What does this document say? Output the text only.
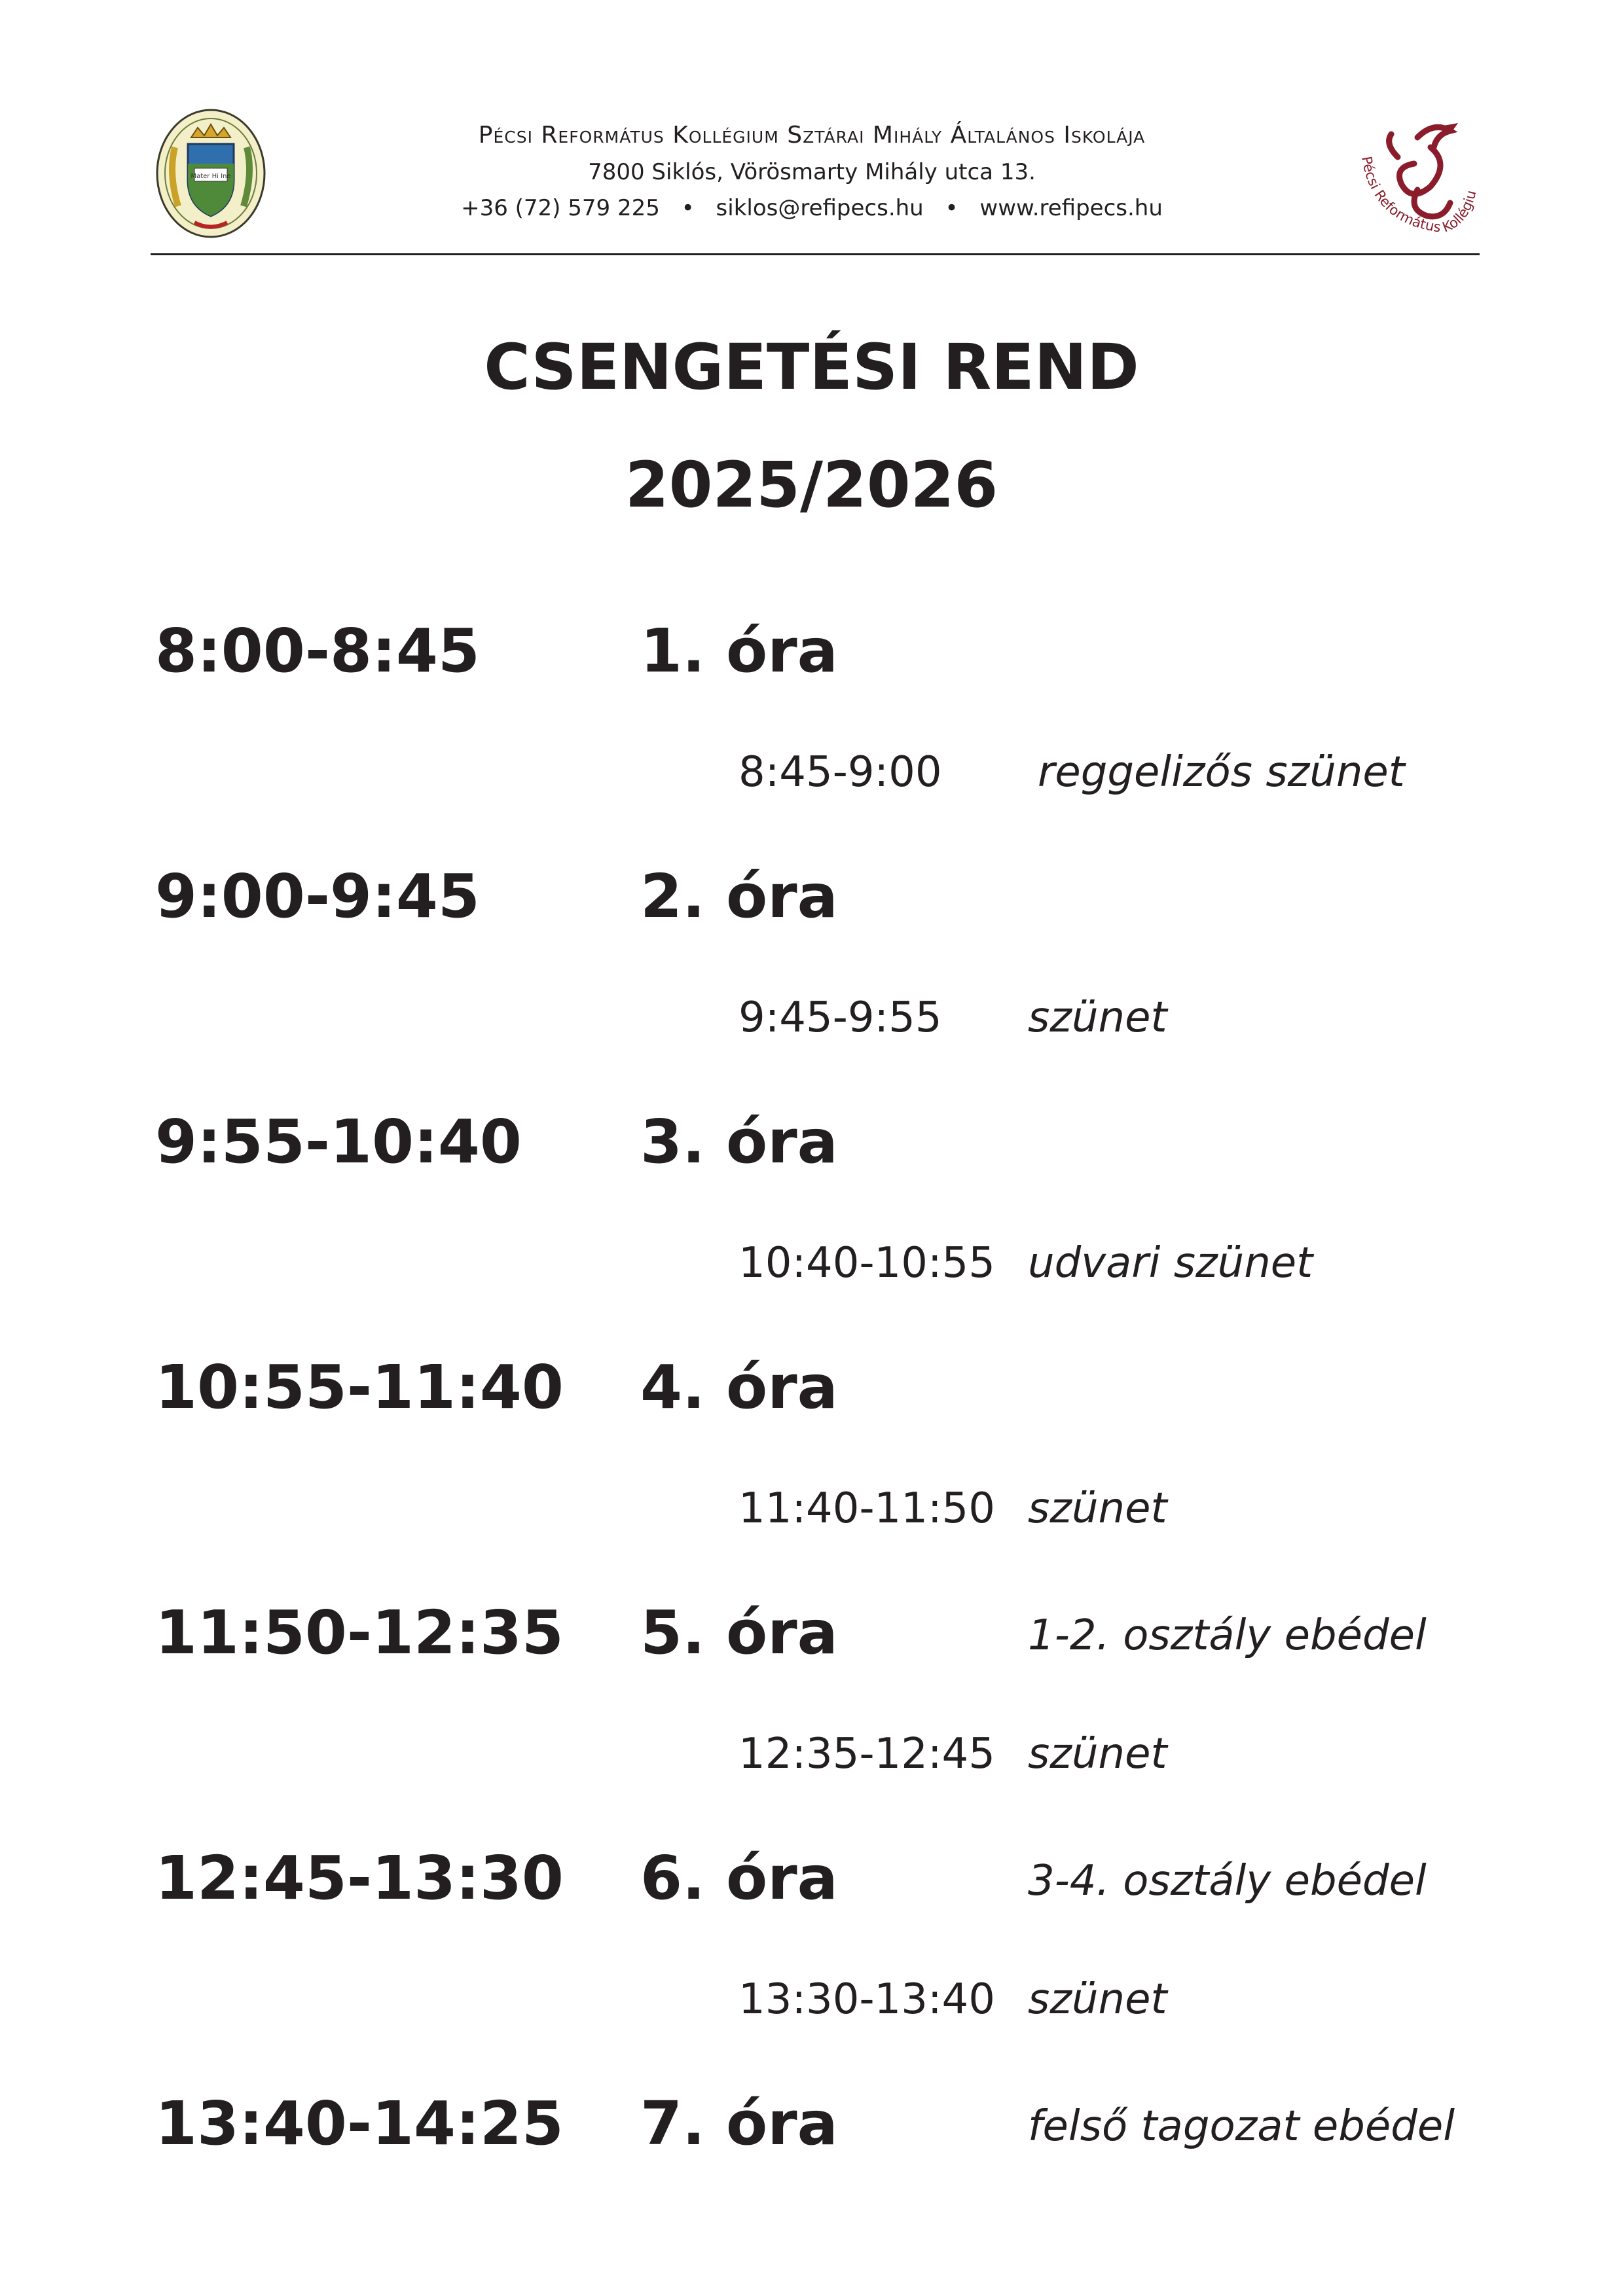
Mater Hi Ine
Pécsi Református Kollégium Sztárai Mihály Általános Iskolája
7800 Siklós, Vörösmarty Mihály utca 13.
+36 (72) 579 225 • siklos@refipecs.hu • www.refipecs.hu
Pécsi Református Kollégiu
CSENGETÉSI REND
2025/2026
8:00-8:45	1. óra
8:45-9:00 reggelizős szünet
9:00-9:45	2. óra
9:45-9:55 szünet
9:55-10:40 3. óra
10:40-10:55 udvari szünet
10:55-11:40 4. óra
11:40-11:50 szünet
11:50-12:35 5. óra	1-2. osztály ebédel
12:35-12:45 szünet
12:45-13:30 6. óra	3-4. osztály ebédel
13:30-13:40 szünet
13:40-14:25 7. óra	felső tagozat ebédel
